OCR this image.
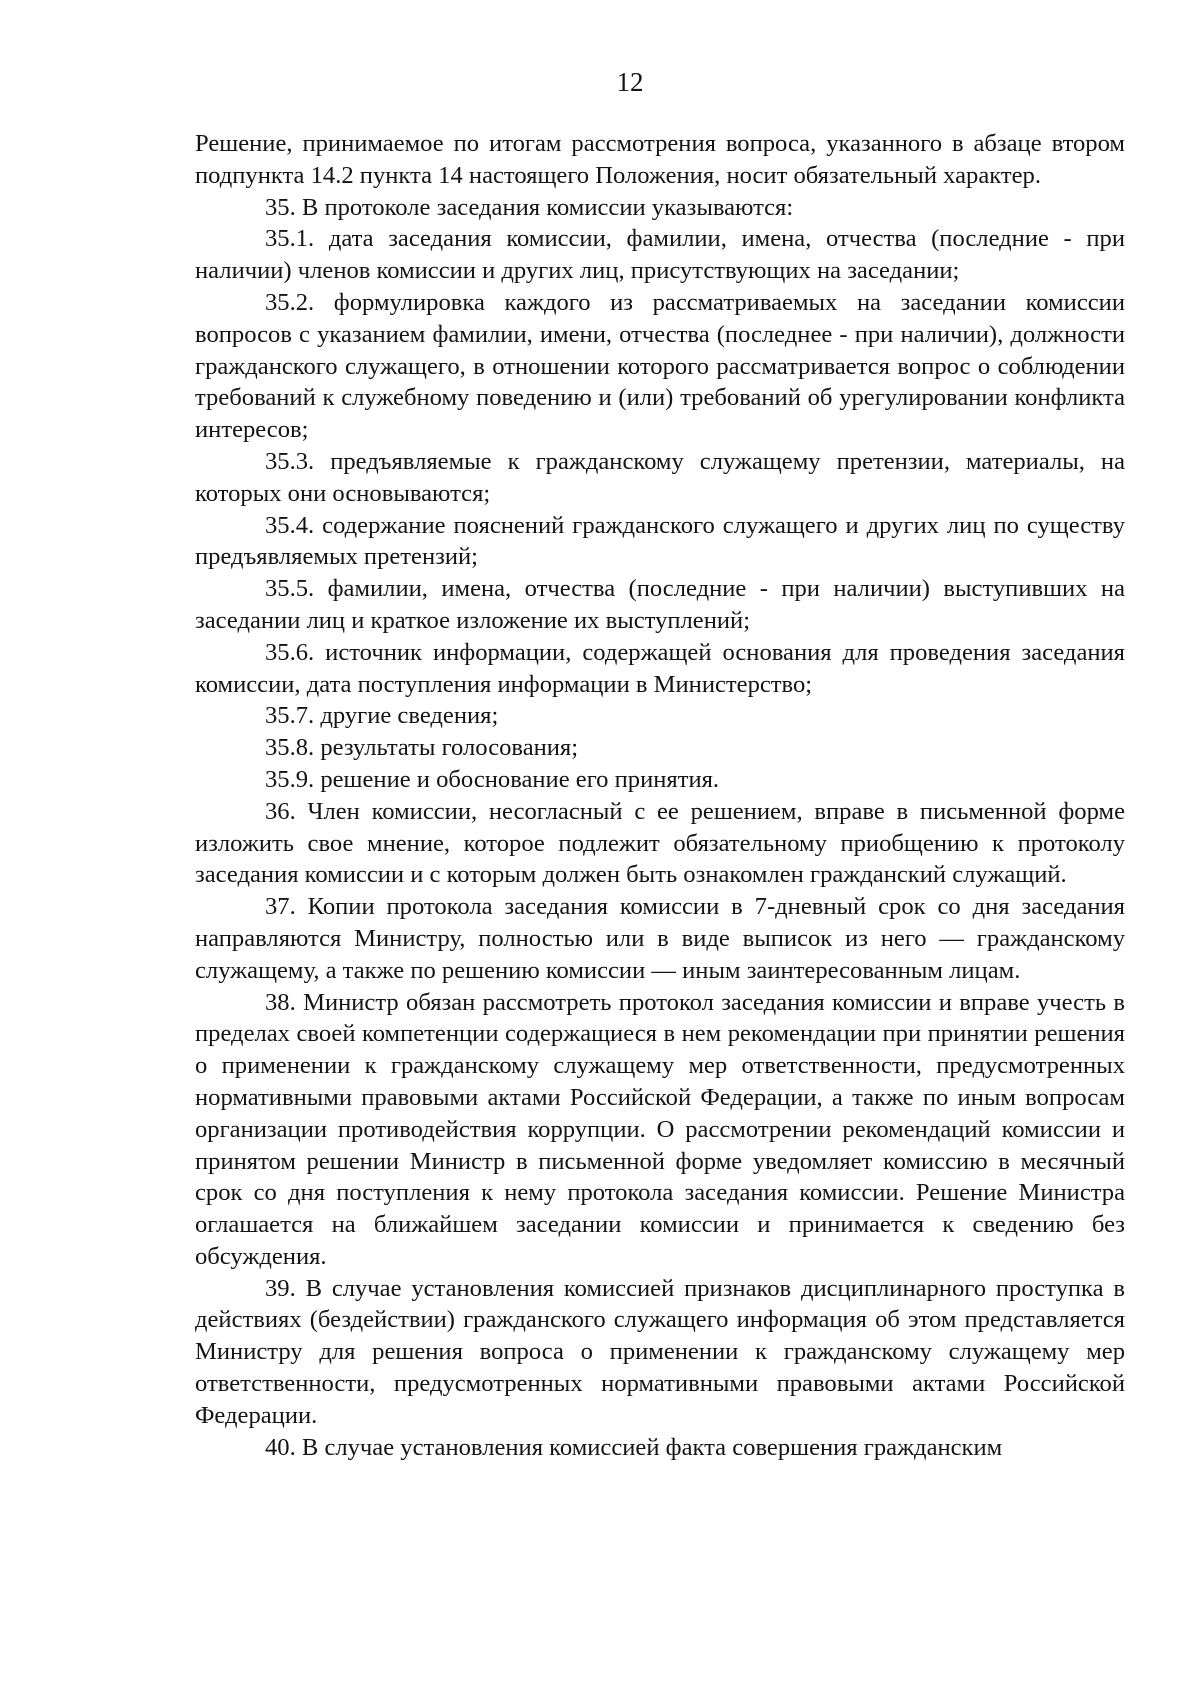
12

Решение, принимаемое по итогам рассмотрения вопроса, указанного в абзаце втором подпункта 14.2 пункта 14 настоящего Положения, носит обязательный характер.

35. В протоколе заседания комиссии указываются:

35.1. дата заседания комиссии, фамилии, имена, отчества (последние - при наличии) членов комиссии и других лиц, присутствующих на заседании;

35.2. формулировка каждого из рассматриваемых на заседании комиссии вопросов с указанием фамилии, имени, отчества (последнее - при наличии), должности гражданского служащего, в отношении которого рассматривается вопрос о соблюдении требований к служебному поведению и (или) требований об урегулировании конфликта интересов;

35.3. предъявляемые к гражданскому служащему претензии, материалы, на которых они основываются;

35.4. содержание пояснений гражданского служащего и других лиц по существу предъявляемых претензий;

35.5. фамилии, имена, отчества (последние - при наличии) выступивших на заседании лиц и краткое изложение их выступлений;

35.6. источник информации, содержащей основания для проведения заседания комиссии, дата поступления информации в Министерство;

35.7. другие сведения;

35.8. результаты голосования;

35.9. решение и обоснование его принятия.

36. Член комиссии, несогласный с ее решением, вправе в письменной форме изложить свое мнение, которое подлежит обязательному приобщению к протоколу заседания комиссии и с которым должен быть ознакомлен гражданский служащий.

37. Копии протокола заседания комиссии в 7-дневный срок со дня заседания направляются Министру, полностью или в виде выписок из него — гражданскому служащему, а также по решению комиссии — иным заинтересованным лицам.

38. Министр обязан рассмотреть протокол заседания комиссии и вправе учесть в пределах своей компетенции содержащиеся в нем рекомендации при принятии решения о применении к гражданскому служащему мер ответственности, предусмотренных нормативными правовыми актами Российской Федерации, а также по иным вопросам организации противодействия коррупции. О рассмотрении рекомендаций комиссии и принятом решении Министр в письменной форме уведомляет комиссию в месячный срок со дня поступления к нему протокола заседания комиссии. Решение Министра оглашается на ближайшем заседании комиссии и принимается к сведению без обсуждения.

39. В случае установления комиссией признаков дисциплинарного проступка в действиях (бездействии) гражданского служащего информация об этом представляется Министру для решения вопроса о применении к гражданскому служащему мер ответственности, предусмотренных нормативными правовыми актами Российской Федерации.

40. В случае установления комиссией факта совершения гражданским
